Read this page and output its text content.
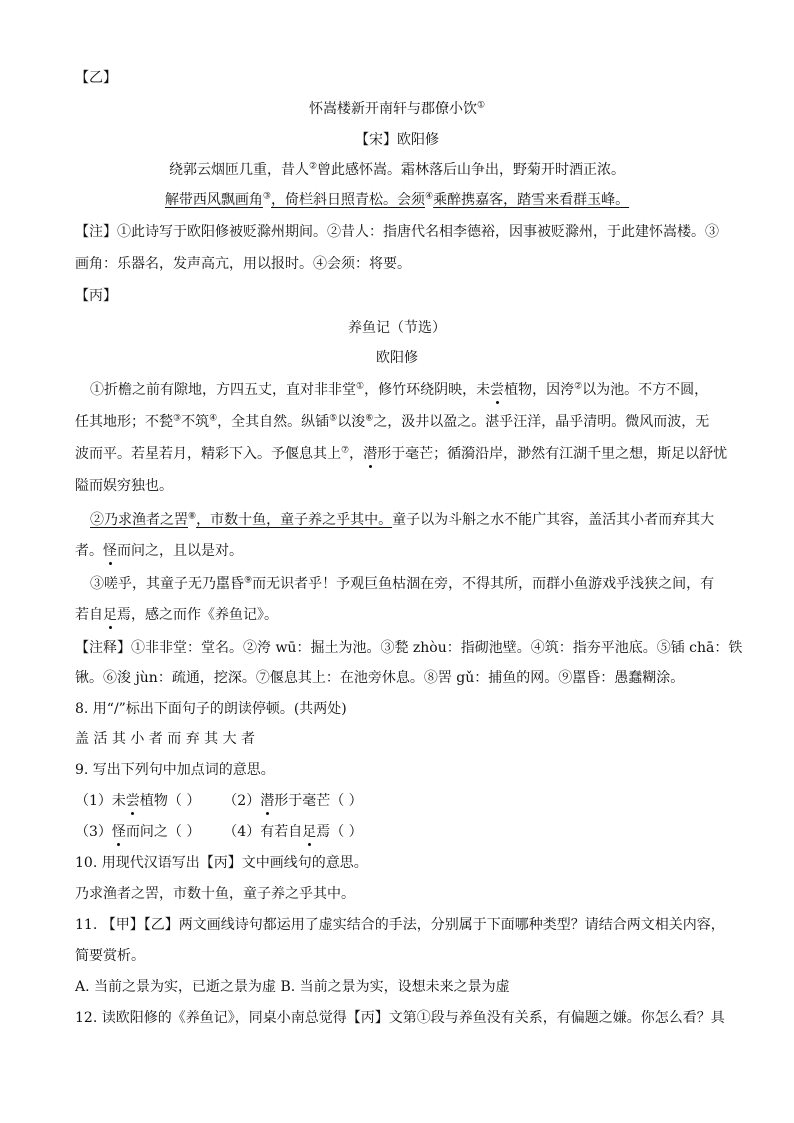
【乙】
怀嵩楼新开南轩与郡僚小饮①
【宋】欧阳修
绕郭云烟匝几重，昔人②曾此感怀嵩。霜林落后山争出，野菊开时酒正浓。
解带西风飘画角③，倚栏斜日照青松。会须④乘醉携嘉客，踏雪来看群玉峰。
【注】①此诗写于欧阳修被贬滁州期间。②昔人：指唐代名相李德裕，因事被贬滁州，于此建怀嵩楼。③
画角：乐器名，发声高亢，用以报时。④会须：将要。
【丙】
养鱼记（节选）
欧阳修
①折檐之前有隙地，方四五丈，直对非非堂①，修竹环绕阴映，未尝植物，因洿②以为池。不方不圆，
任其地形；不甃③不筑④，全其自然。纵锸⑤以浚⑥之，汲井以盈之。湛乎汪洋，晶乎清明。微风而波，无
波而平。若星若月，精彩下入。予偃息其上⑦，潜形于毫芒；循漪沿岸，渺然有江湖千里之想，斯足以舒忧
隘而娱穷独也。
②乃求渔者之罟⑧，市数十鱼，童子养之乎其中。童子以为斗斛之水不能广其容，盖活其小者而弃其大
者。怪而问之，且以是对。
③嗟乎，其童子无乃嚚昏⑨而无识者乎！予观巨鱼枯涸在旁，不得其所，而群小鱼游戏乎浅狭之间，有
若自足焉，感之而作《养鱼记》。
【注释】①非非堂：堂名。②洿 wū：掘土为池。③甃 zhòu：指砌池壁。④筑：指夯平池底。⑤锸 chā：铁
锹。⑥浚 jùn：疏通，挖深。⑦偃息其上：在池旁休息。⑧罟 gǔ：捕鱼的网。⑨嚚昏：愚蠢糊涂。
8. 用“/”标出下面句子的朗读停顿。(共两处)
盖 活 其 小 者 而 弃 其 大 者
9. 写出下列句中加点词的意思。
（1）未尝植物（ ） （2）潜形于毫芒（ ）
（3）怪而问之（ ） （4）有若自足焉（ ）
10. 用现代汉语写出【丙】文中画线句的意思。
乃求渔者之罟，市数十鱼，童子养之乎其中。
11. 【甲】【乙】两文画线诗句都运用了虚实结合的手法，分别属于下面哪种类型？请结合两文相关内容，
简要赏析。
A. 当前之景为实，已逝之景为虚 B. 当前之景为实，设想未来之景为虚
12. 读欧阳修的《养鱼记》，同桌小南总觉得【丙】文第①段与养鱼没有关系，有偏题之嫌。你怎么看？具
